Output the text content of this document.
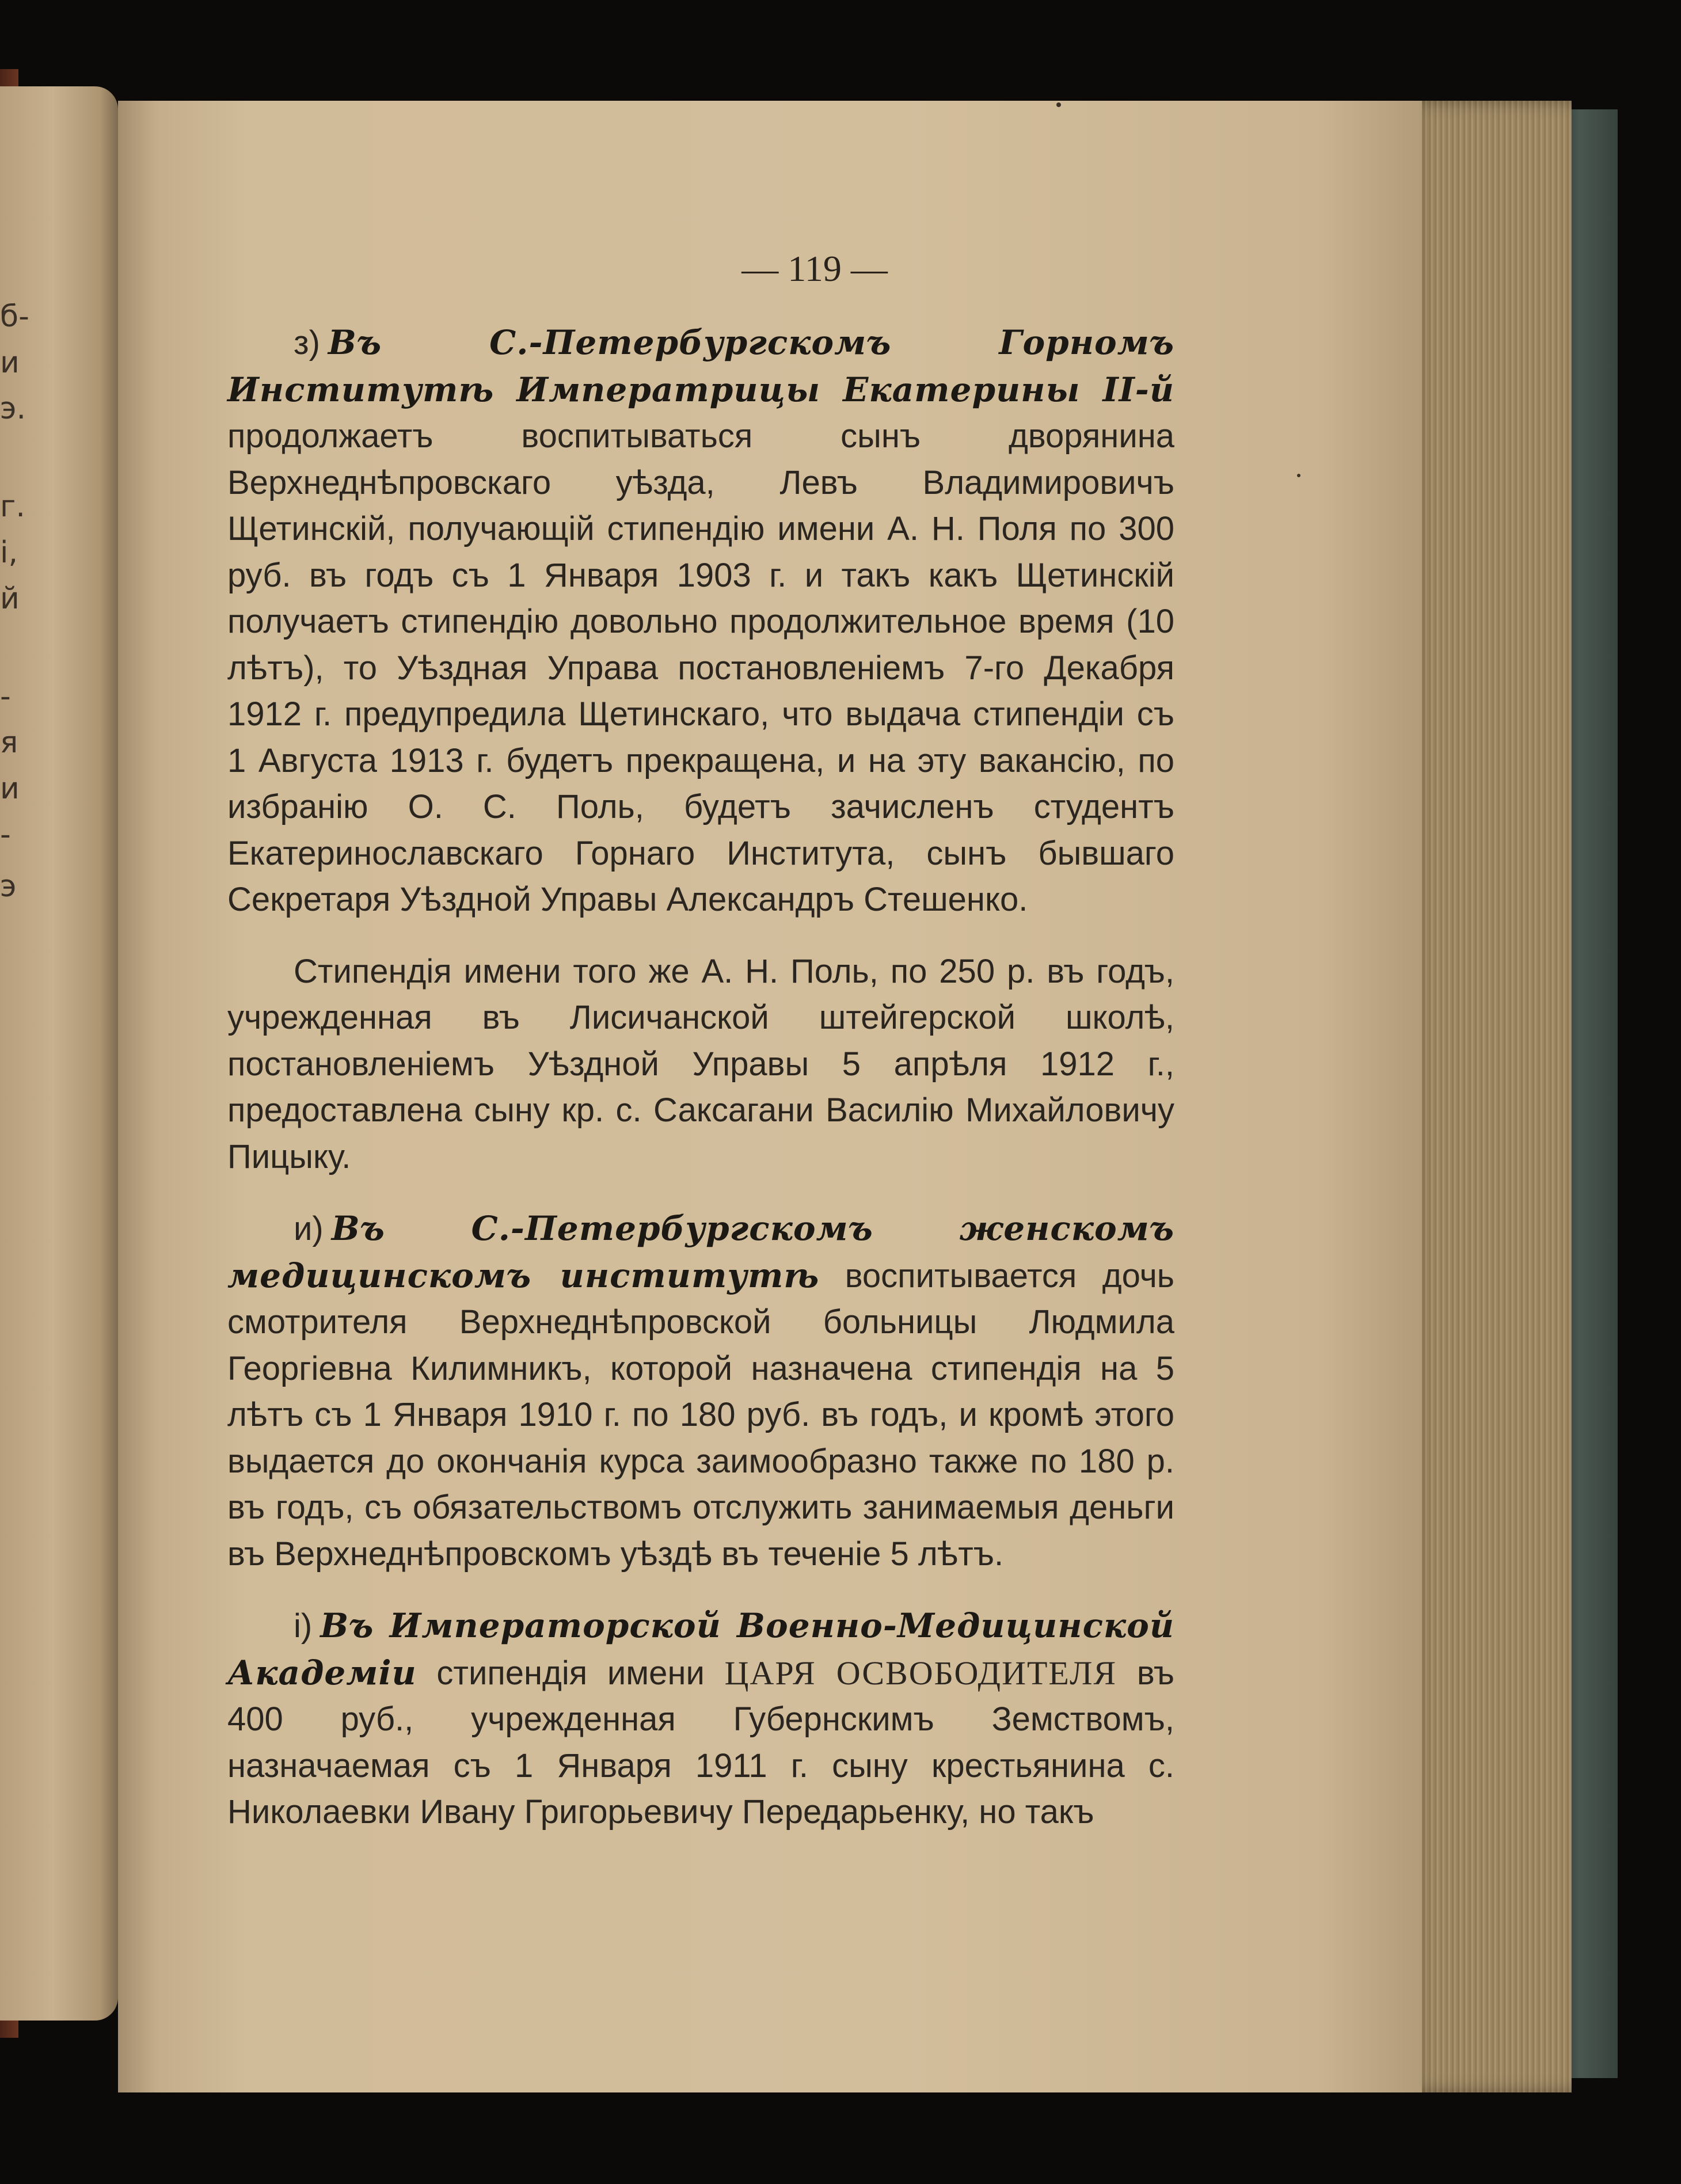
б-
и
э.
г.
і,
й
-
я
и
-
э
— 119 —

з) Въ С.-Петербургскомъ Горномъ Институтѣ Императрицы Екатерины II-й продолжаетъ воспитываться сынъ дворянина Верхнеднѣпровскаго уѣзда, Левъ Владимировичъ Щетинскій, получающій стипендію имени А. Н. Поля по 300 руб. въ годъ съ 1 Января 1903 г. и такъ какъ Щетинскій получаетъ стипендію довольно продолжительное время (10 лѣтъ), то Уѣздная Управа постановленіемъ 7-го Декабря 1912 г. предупредила Щетинскаго, что выдача стипендіи съ 1 Августа 1913 г. будетъ прекращена, и на эту вакансію, по избранію О. С. Поль, будетъ зачисленъ студентъ Екатеринославскаго Горнаго Института, сынъ бывшаго Секретаря Уѣздной Управы Александръ Стешенко.

Стипендія имени того же А. Н. Поль, по 250 р. въ годъ, учрежденная въ Лисичанской штейгерской школѣ, постановленіемъ Уѣздной Управы 5 апрѣля 1912 г., предоставлена сыну кр. с. Саксагани Василію Михайловичу Пицыку.

и) Въ С.-Петербургскомъ женскомъ медицинскомъ институтѣ воспитывается дочь смотрителя Верхнеднѣпровской больницы Людмила Георгіевна Килимникъ, которой назначена стипендія на 5 лѣтъ съ 1 Января 1910 г. по 180 руб. въ годъ, и кромѣ этого выдается до окончанія курса заимообразно также по 180 р. въ годъ, съ обязательствомъ отслужить занимаемыя деньги въ Верхнеднѣпровскомъ уѣздѣ въ теченіе 5 лѣтъ.

і) Въ Императорской Военно-Медицинской Академіи стипендія имени ЦАРЯ ОСВОБОДИТЕЛЯ въ 400 руб., учрежденная Губернскимъ Земствомъ, назначаемая съ 1 Января 1911 г. сыну крестьянина с. Николаевки Ивану Григорьевичу Передарьенку, но такъ
